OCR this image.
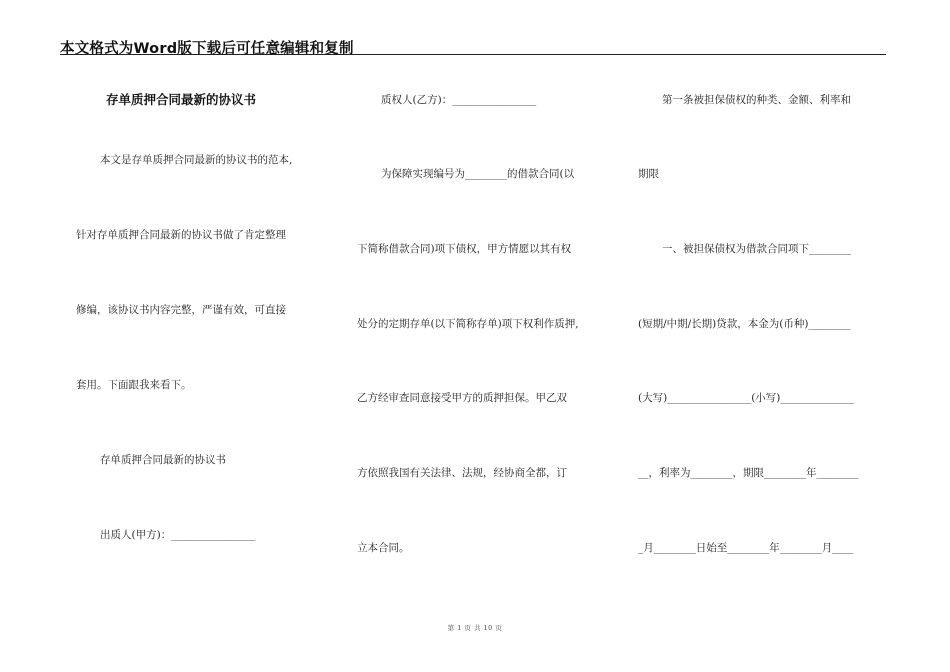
本文格式为Word版下载后可任意编辑和复制
存单质押合同最新的协议书
本文是存单质押合同最新的协议书的范本,
针对存单质押合同最新的协议书做了肯定整理
修编，该协议书内容完整，严谨有效，可直接
套用。下面跟我来看下。
存单质押合同最新的协议书
出质人(甲方)：________________
质权人(乙方)：________________
为保障实现编号为________的借款合同(以
下简称借款合同)项下债权，甲方情愿以其有权
处分的定期存单(以下简称存单)项下权利作质押,
乙方经审查同意接受甲方的质押担保。甲乙双
方依照我国有关法律、法规，经协商全都，订
立本合同。
第一条被担保债权的种类、金额、利率和
期限
一、被担保债权为借款合同项下________
(短期/中期/长期)贷款，本金为(币种)________
(大写)________________(小写)______________
__，利率为________，期限________年________
_月________日始至________年________月____
第 1 页 共 10 页
